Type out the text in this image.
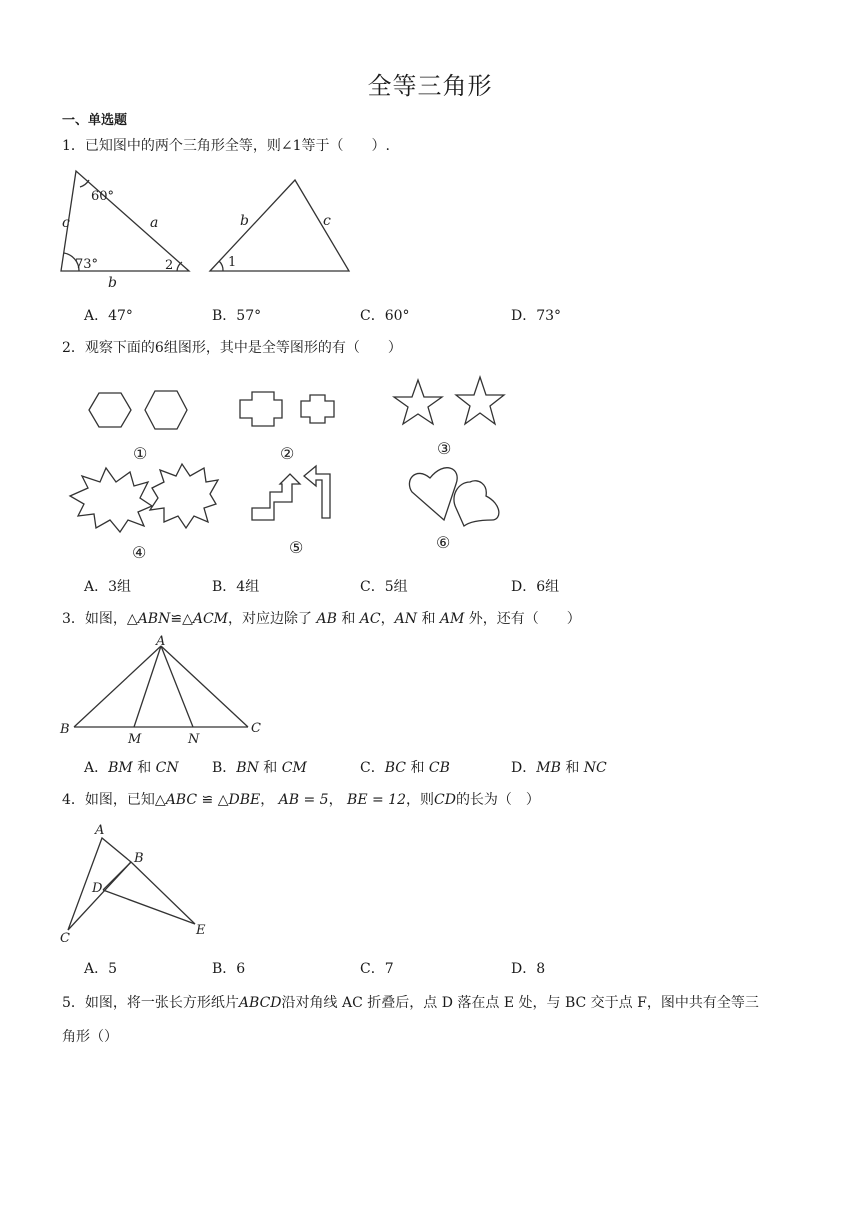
全等三角形
一、单选题
1．已知图中的两个三角形全等，则∠1等于（　　）.
60°
73°
c	a
b
2
b	c
1
A．47°	B．57°	C．60°	D．73°
2．观察下面的6组图形，其中是全等图形的有（　　）
①	②	③
④	⑤	⑥
A．3组	B．4组	C．5组	D．6组
3．如图，△ABN≌△ACM，对应边除了 AB 和 AC，AN 和 AM 外，还有（　　）
A
B	C
M	N
A．BM 和 CN B．BN 和 CM	C．BC 和 CB	D．MB 和 NC
4．如图，已知△ABC ≌ △DBE， AB = 5， BE = 12，则CD的长为（　）
A
B
D
C
E
A．5	B．6	C．7	D．8
5．如图，将一张长方形纸片ABCD沿对角线 AC 折叠后，点 D 落在点 E 处，与 BC 交于点 F，图中共有全等三
角形（）
